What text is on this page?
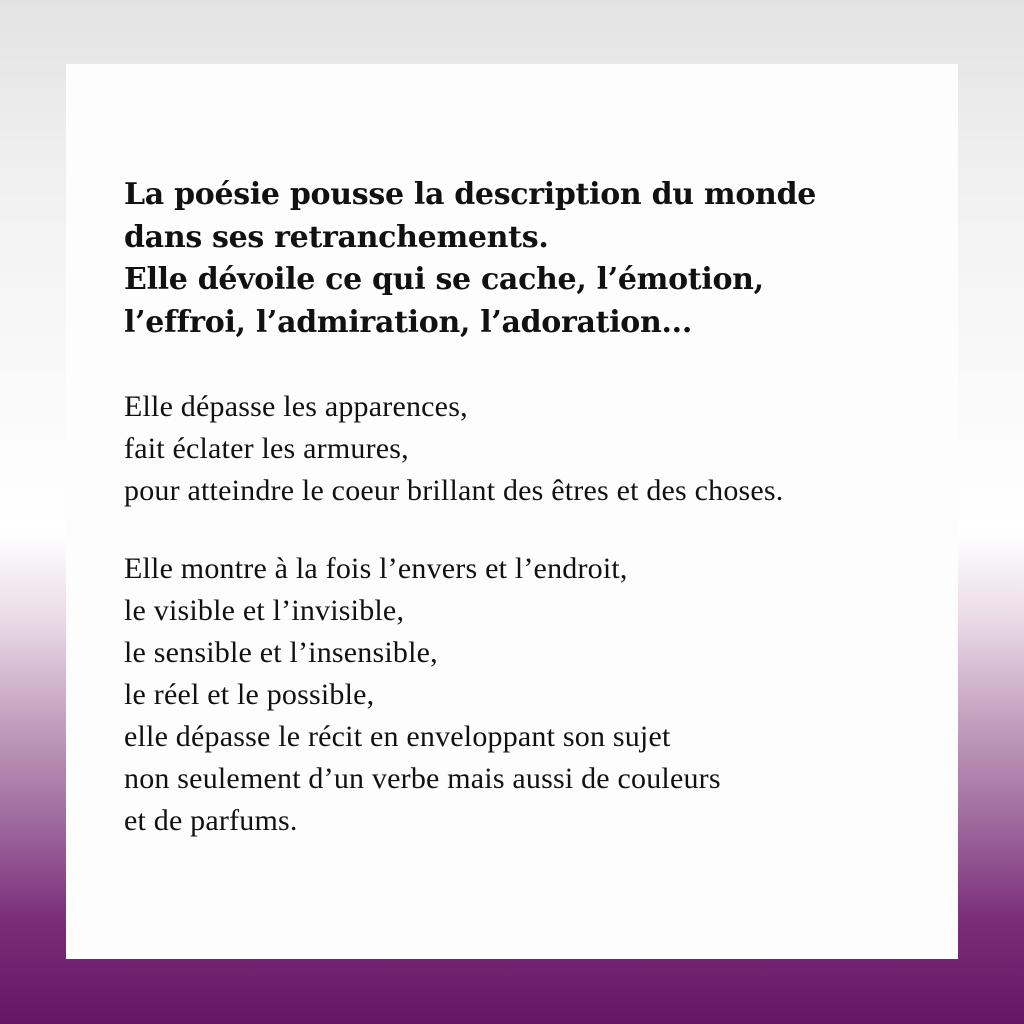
La poésie pousse la description du monde
dans ses retranchements.
Elle dévoile ce qui se cache, l’émotion,
l’effroi, l’admiration, l’adoration...

Elle dépasse les apparences,
fait éclater les armures,
pour atteindre le coeur brillant des êtres et des choses.

Elle montre à la fois l’envers et l’endroit,
le visible et l’invisible,
le sensible et l’insensible,
le réel et le possible,
elle dépasse le récit en enveloppant son sujet
non seulement d’un verbe mais aussi de couleurs
et de parfums.
